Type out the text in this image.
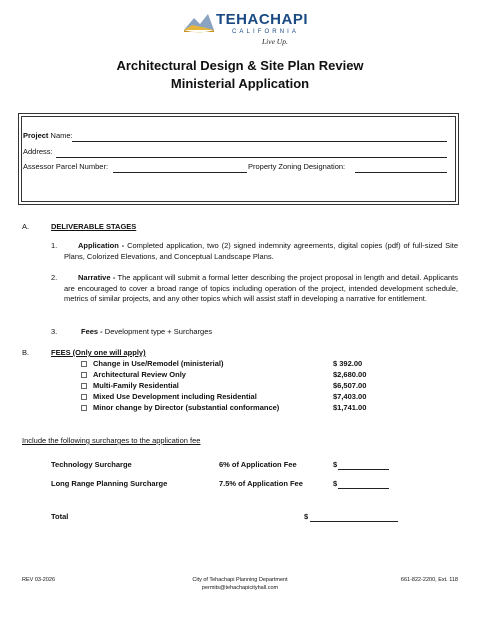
TEHACHAPI
CALIFORNIA
Live Up.
Architectural Design & Site Plan Review
Ministerial Application
Project Name:
Address:
Assessor Parcel Number:	Property Zoning Designation:
A.	DELIVERABLE STAGES
1.	Application - Completed application, two (2) signed indemnity agreements, digital copies (pdf) of full-sized Site Plans, Colorized Elevations, and Conceptual Landscape Plans.
2.	Narrative - The applicant will submit a formal letter describing the project proposal in length and detail. Applicants are encouraged to cover a broad range of topics including operation of the project, intended development schedule, metrics of similar projects, and any other topics which will assist staff in developing a narrative for entitlement.
3.	Fees - Development type + Surcharges
B.	FEES (Only one will apply)
Change in Use/Remodel (ministerial)	$ 392.00
Architectural Review Only	$2,680.00
Multi-Family Residential	$6,507.00
Mixed Use Development including Residential	$7,403.00
Minor change by Director (substantial conformance)	$1,741.00
Include the following surcharges to the application fee
Technology Surcharge	6% of Application Fee	$
Long Range Planning Surcharge	7.5% of Application Fee	$
Total	$
REV 03-2026	City of Tehachapi Planning Department
permits@tehachapicityhall.com
661-822-2200, Ext. 118
